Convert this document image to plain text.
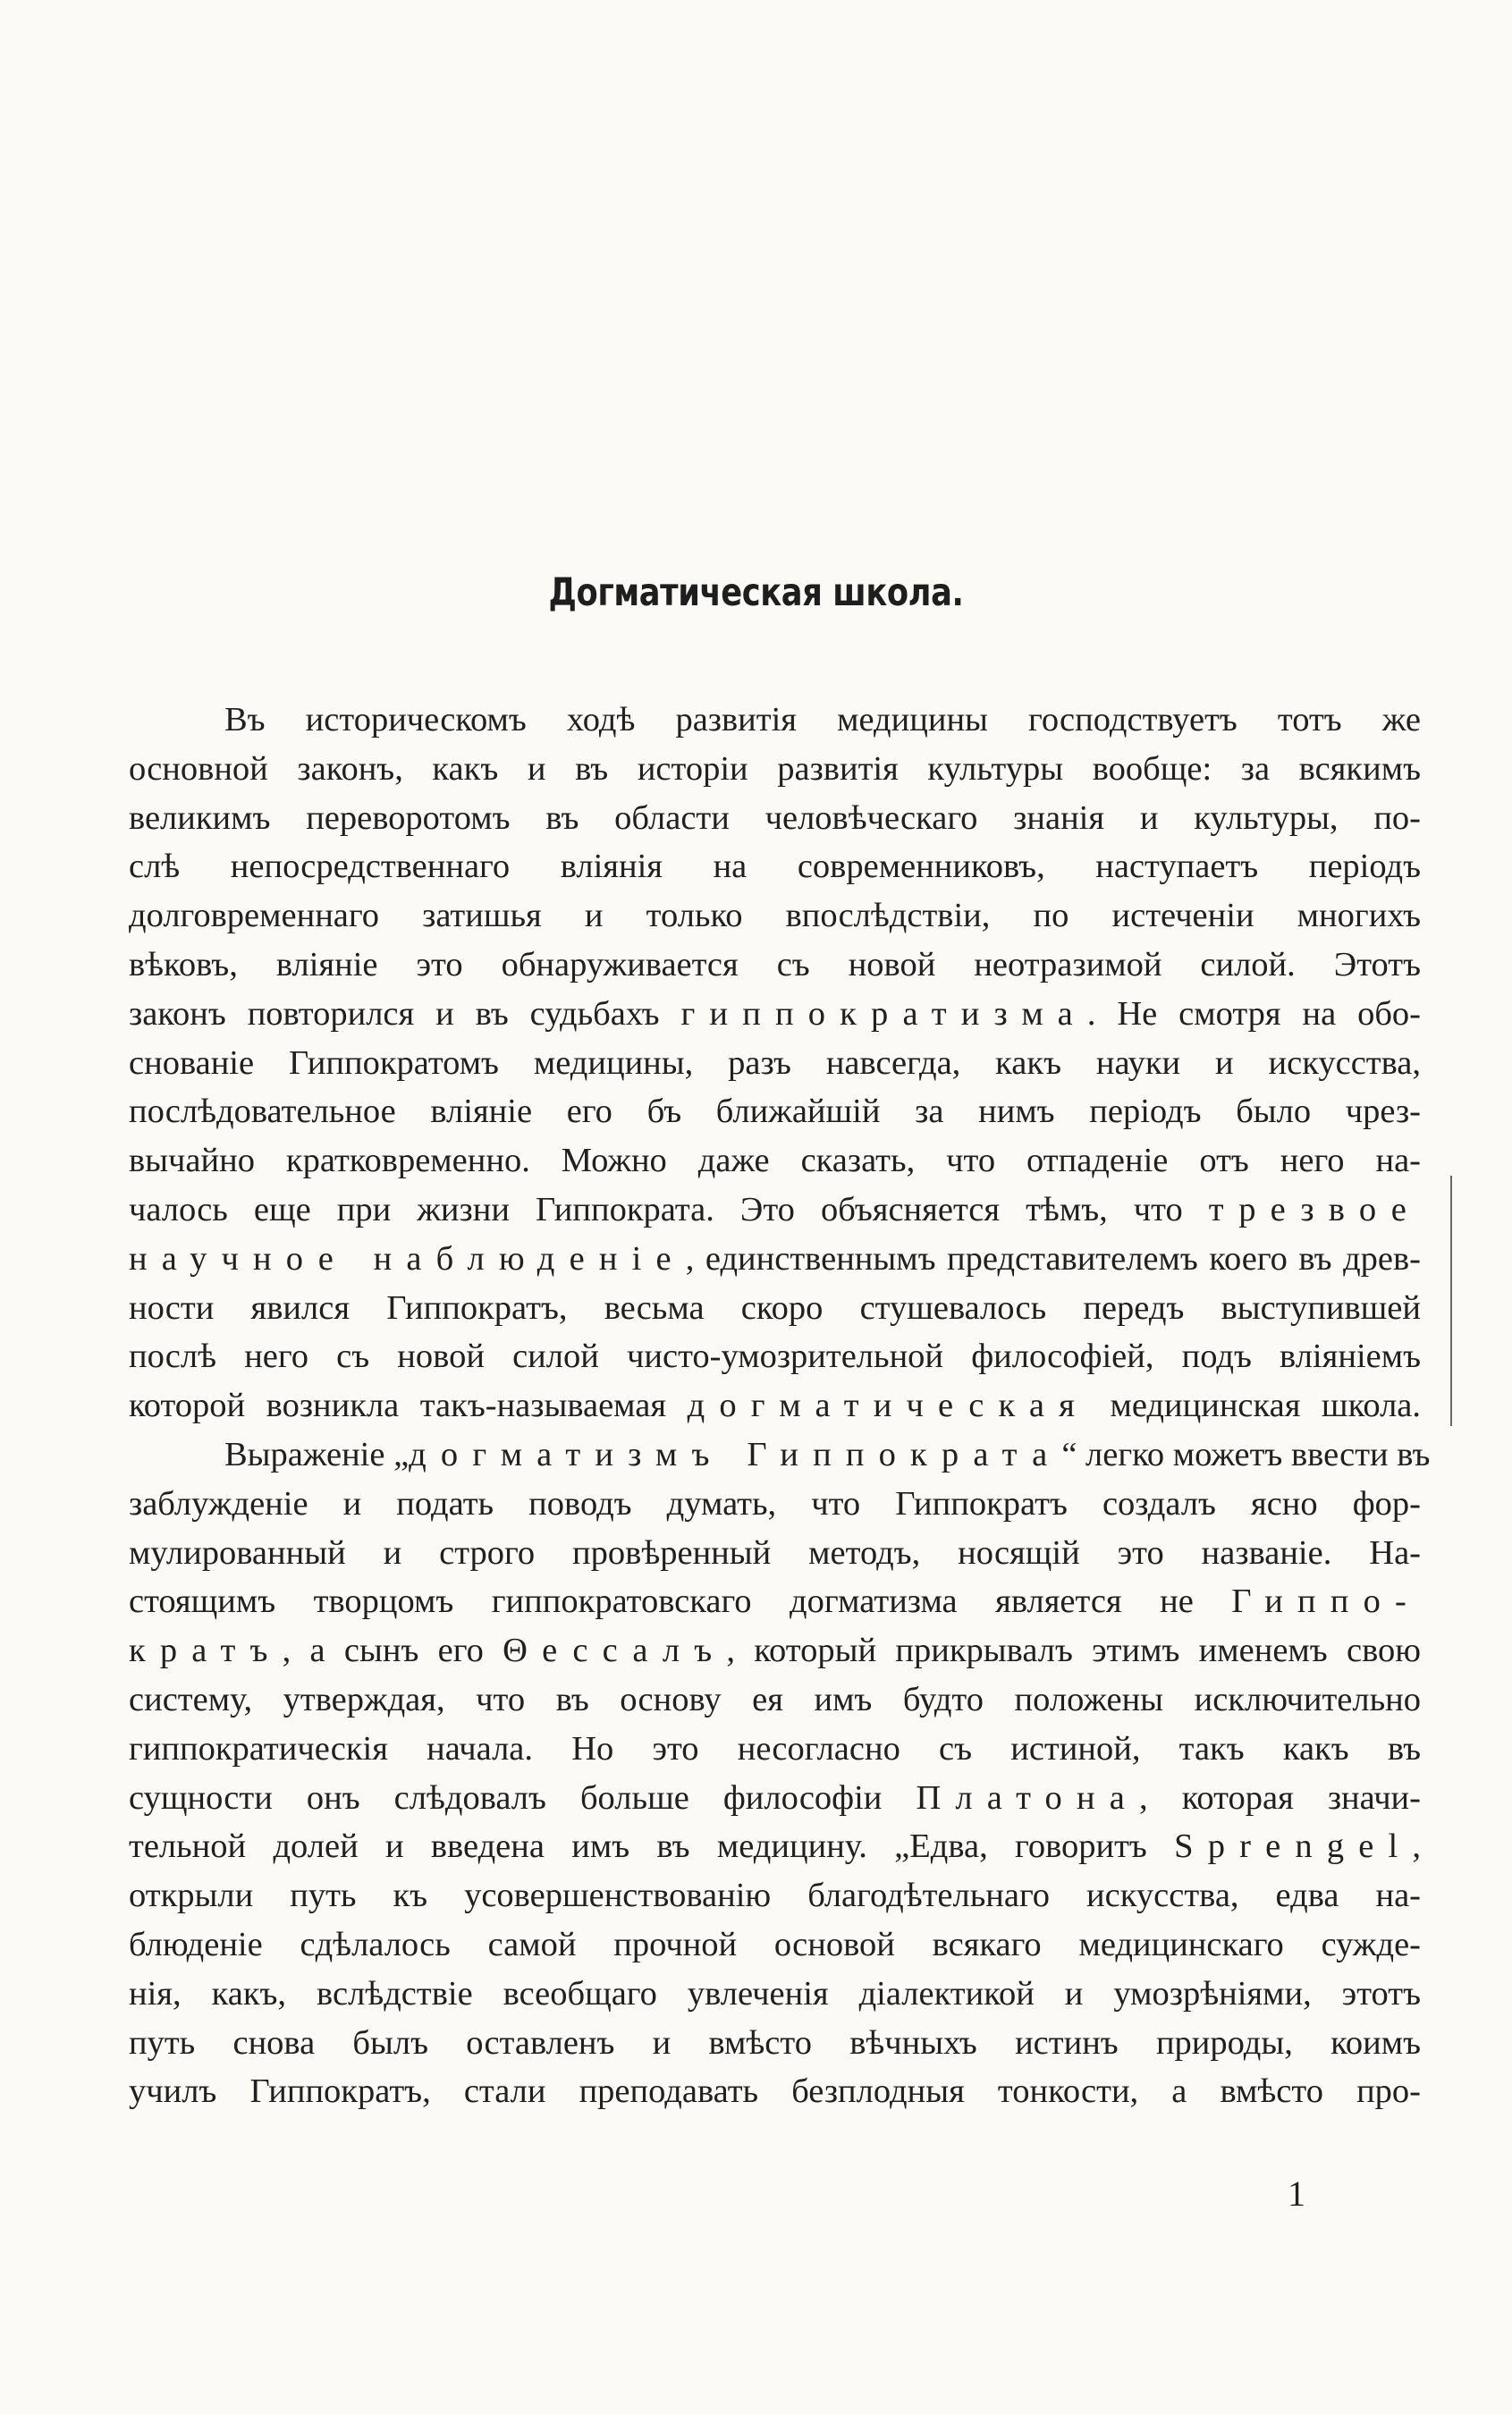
Догматическая школа.
Въ историческомъ ходѣ развитія медицины господствуетъ тотъ же
основной законъ, какъ и въ исторіи развитія культуры вообще: за всякимъ
великимъ переворотомъ въ области человѣческаго знанія и культуры, по-
слѣ непосредственнаго вліянія на современниковъ, наступаетъ періодъ
долговременнаго затишья и только впослѣдствіи, по истеченіи многихъ
вѣковъ, вліяніе это обнаруживается съ новой неотразимой силой. Этотъ
законъ повторился и въ судьбахъ гиппократизма. Не смотря на обо-
снованіе Гиппократомъ медицины, разъ навсегда, какъ науки и искусства,
послѣдовательное вліяніе его бъ ближайшій за нимъ періодъ было чрез-
вычайно кратковременно. Можно даже сказать, что отпаденіе отъ него на-
чалось еще при жизни Гиппократа. Это объясняется тѣмъ, что трезвое
научное наблюденіе, единственнымъ представителемъ коего въ древ-
ности явился Гиппократъ, весьма скоро стушевалось передъ выступившей
послѣ него съ новой силой чисто-умозрительной философіей, подъ вліяніемъ
которой возникла такъ-называемая догматическая медицинская школа.
Выраженіе „догматизмъ Гиппократа“ легко можетъ ввести въ
заблужденіе и подать поводъ думать, что Гиппократъ создалъ ясно фор-
мулированный и строго провѣренный методъ, носящій это названіе. На-
стоящимъ творцомъ гиппократовскаго догматизма является не Гиппо-
кратъ, а сынъ его Θессалъ, который прикрывалъ этимъ именемъ свою
систему, утверждая, что въ основу ея имъ будто положены исключительно
гиппократическія начала. Но это несогласно съ истиной, такъ какъ въ
сущности онъ слѣдовалъ больше философіи Платона, которая значи-
тельной долей и введена имъ въ медицину. „Едва, говоритъ Sprengel,
открыли путь къ усовершенствованію благодѣтельнаго искусства, едва на-
блюденіе сдѣлалось самой прочной основой всякаго медицинскаго сужде-
нія, какъ, вслѣдствіе всеобщаго увлеченія діалектикой и умозрѣніями, этотъ
путь снова былъ оставленъ и вмѣсто вѣчныхъ истинъ природы, коимъ
училъ Гиппократъ, стали преподавать безплодныя тонкости, а вмѣсто про-
1
